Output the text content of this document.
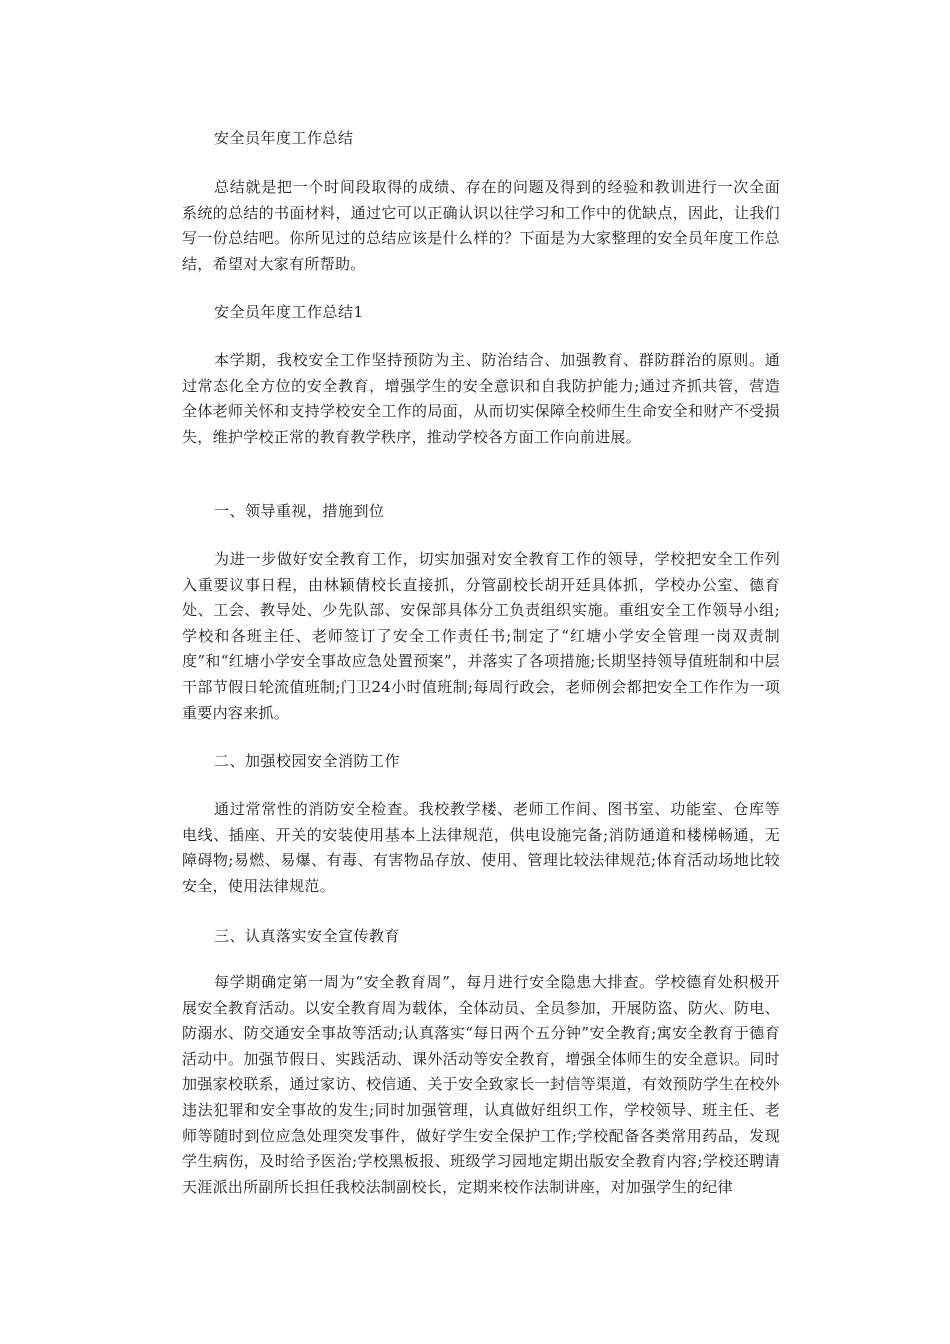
安全员年度工作总结
总结就是把一个时间段取得的成绩、存在的问题及得到的经验和教训进行一次全面系统的总结的书面材料，通过它可以正确认识以往学习和工作中的优缺点，因此，让我们写一份总结吧。你所见过的总结应该是什么样的？下面是为大家整理的安全员年度工作总结，希望对大家有所帮助。
安全员年度工作总结1
本学期，我校安全工作坚持预防为主、防治结合、加强教育、群防群治的原则。通过常态化全方位的安全教育，增强学生的安全意识和自我防护能力;通过齐抓共管，营造全体老师关怀和支持学校安全工作的局面，从而切实保障全校师生生命安全和财产不受损失，维护学校正常的教育教学秩序，推动学校各方面工作向前进展。
一、领导重视，措施到位
为进一步做好安全教育工作，切实加强对安全教育工作的领导，学校把安全工作列入重要议事日程，由林颖倩校长直接抓，分管副校长胡开廷具体抓，学校办公室、德育处、工会、教导处、少先队部、安保部具体分工负责组织实施。重组安全工作领导小组;学校和各班主任、老师签订了安全工作责任书;制定了“红塘小学安全管理一岗双责制度”和“红塘小学安全事故应急处置预案”，并落实了各项措施;长期坚持领导值班制和中层干部节假日轮流值班制;门卫24小时值班制;每周行政会，老师例会都把安全工作作为一项重要内容来抓。
二、加强校园安全消防工作
通过常常性的消防安全检查。我校教学楼、老师工作间、图书室、功能室、仓库等电线、插座、开关的安装使用基本上法律规范，供电设施完备;消防通道和楼梯畅通，无障碍物;易燃、易爆、有毒、有害物品存放、使用、管理比较法律规范;体育活动场地比较安全，使用法律规范。
三、认真落实安全宣传教育
每学期确定第一周为“安全教育周”，每月进行安全隐患大排查。学校德育处积极开展安全教育活动。以安全教育周为载体，全体动员、全员参加，开展防盗、防火、防电、防溺水、防交通安全事故等活动;认真落实“每日两个五分钟”安全教育;寓安全教育于德育活动中。加强节假日、实践活动、课外活动等安全教育，增强全体师生的安全意识。同时加强家校联系，通过家访、校信通、关于安全致家长一封信等渠道，有效预防学生在校外违法犯罪和安全事故的发生;同时加强管理，认真做好组织工作，学校领导、班主任、老师等随时到位应急处理突发事件，做好学生安全保护工作;学校配备各类常用药品，发现学生病伤，及时给予医治;学校黑板报、班级学习园地定期出版安全教育内容;学校还聘请天涯派出所副所长担任我校法制副校长，定期来校作法制讲座，对加强学生的纪律
